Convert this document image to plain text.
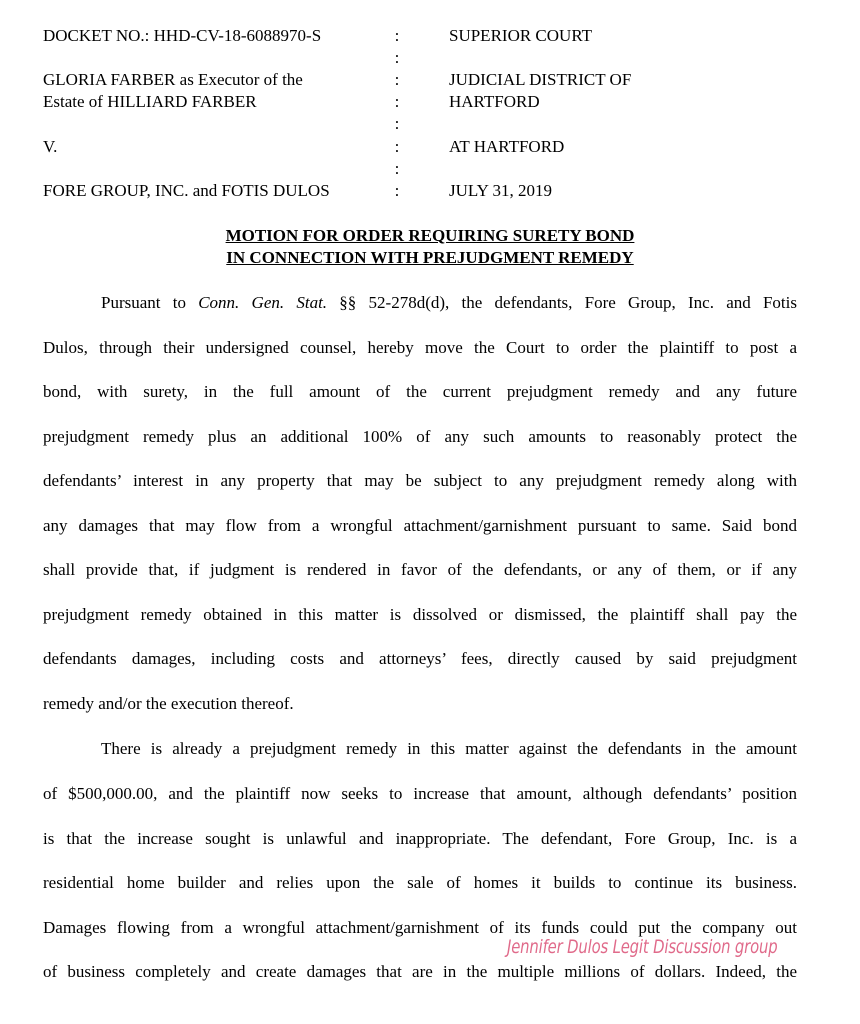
DOCKET NO.: HHD-CV-18-6088970-S	:	SUPERIOR COURT
:
GLORIA FARBER as Executor of the	:	JUDICIAL DISTRICT OF
Estate of HILLIARD FARBER	:	HARTFORD
:
V.	:	AT HARTFORD
:
FORE GROUP, INC. and FOTIS DULOS	:	JULY 31, 2019
MOTION FOR ORDER REQUIRING SURETY BOND
IN CONNECTION WITH PREJUDGMENT REMEDY
Pursuant to Conn. Gen. Stat. §§ 52-278d(d), the defendants, Fore Group, Inc. and Fotis
Dulos, through their undersigned counsel, hereby move the Court to order the plaintiff to post a
bond, with surety, in the full amount of the current prejudgment remedy and any future
prejudgment remedy plus an additional 100% of any such amounts to reasonably protect the
defendants’ interest in any property that may be subject to any prejudgment remedy along with
any damages that may flow from a wrongful attachment/garnishment pursuant to same. Said bond
shall provide that, if judgment is rendered in favor of the defendants, or any of them, or if any
prejudgment remedy obtained in this matter is dissolved or dismissed, the plaintiff shall pay the
defendants damages, including costs and attorneys’ fees, directly caused by said prejudgment
remedy and/or the execution thereof.
There is already a prejudgment remedy in this matter against the defendants in the amount
of $500,000.00, and the plaintiff now seeks to increase that amount, although defendants’ position
is that the increase sought is unlawful and inappropriate. The defendant, Fore Group, Inc. is a
residential home builder and relies upon the sale of homes it builds to continue its business.
Damages flowing from a wrongful attachment/garnishment of its funds could put the company out
of business completely and create damages that are in the multiple millions of dollars. Indeed, the
Jennifer Dulos Legit Discussion group
